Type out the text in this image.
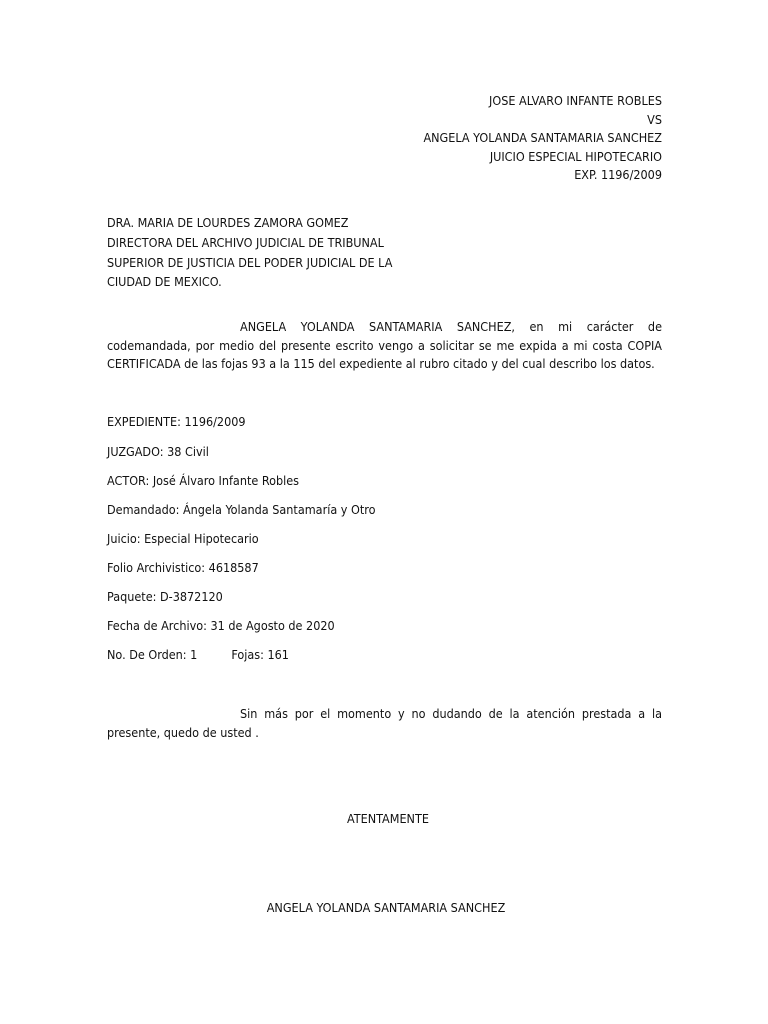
JOSE ALVARO INFANTE ROBLES
VS
ANGELA YOLANDA SANTAMARIA SANCHEZ
JUICIO ESPECIAL HIPOTECARIO
EXP. 1196/2009
DRA. MARIA DE LOURDES ZAMORA GOMEZ
DIRECTORA DEL ARCHIVO JUDICIAL DE TRIBUNAL
SUPERIOR DE JUSTICIA DEL PODER JUDICIAL DE LA
CIUDAD DE MEXICO.
ANGELA YOLANDA SANTAMARIA SANCHEZ, en mi carácter de codemandada, por medio del presente escrito vengo a solicitar se me expida a mi costa COPIA CERTIFICADA de las fojas 93 a la 115 del expediente al rubro citado y del cual describo los datos.
EXPEDIENTE: 1196/2009
JUZGADO: 38 Civil
ACTOR: José Álvaro Infante Robles
Demandado: Ángela Yolanda Santamaría y Otro
Juicio: Especial Hipotecario
Folio Archivistico: 4618587
Paquete: D-3872120
Fecha de Archivo: 31 de Agosto de 2020
No. De Orden: 1	Fojas: 161
Sin más por el momento y no dudando de la atención prestada a la presente, quedo de usted .
ATENTAMENTE
ANGELA YOLANDA SANTAMARIA SANCHEZ
